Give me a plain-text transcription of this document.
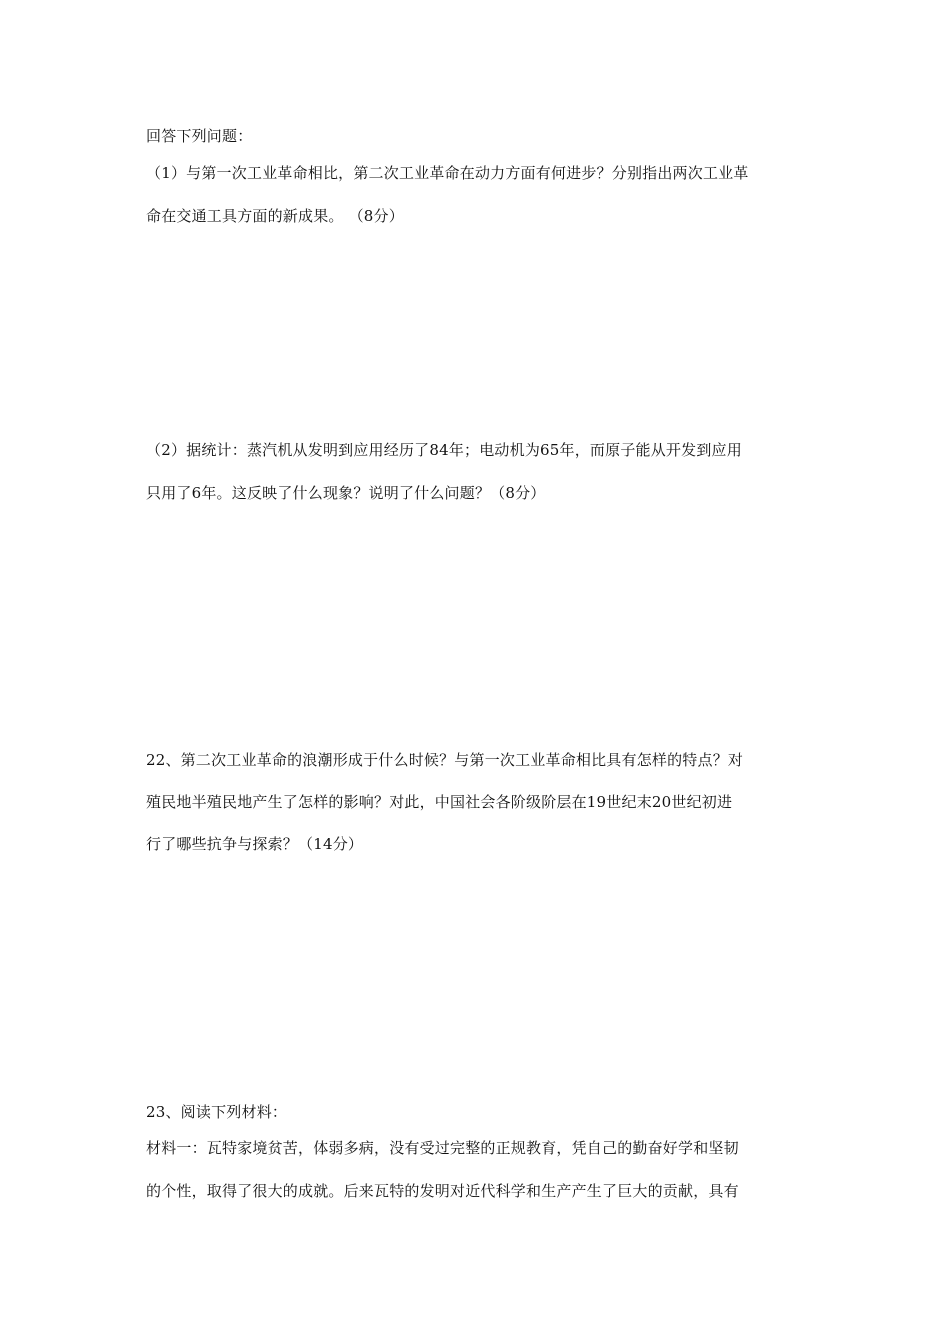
回答下列问题：
（1）与第一次工业革命相比，第二次工业革命在动力方面有何进步？分别指出两次工业革
命在交通工具方面的新成果。 （8分）
（2）据统计：蒸汽机从发明到应用经历了84年；电动机为65年，而原子能从开发到应用
只用了6年。这反映了什么现象？说明了什么问题？（8分）
22、第二次工业革命的浪潮形成于什么时候？与第一次工业革命相比具有怎样的特点？对
殖民地半殖民地产生了怎样的影响？对此，中国社会各阶级阶层在19世纪末20世纪初进
行了哪些抗争与探索？（14分）
23、阅读下列材料：
材料一：瓦特家境贫苦，体弱多病，没有受过完整的正规教育，凭自己的勤奋好学和坚韧
的个性，取得了很大的成就。后来瓦特的发明对近代科学和生产产生了巨大的贡献，具有
